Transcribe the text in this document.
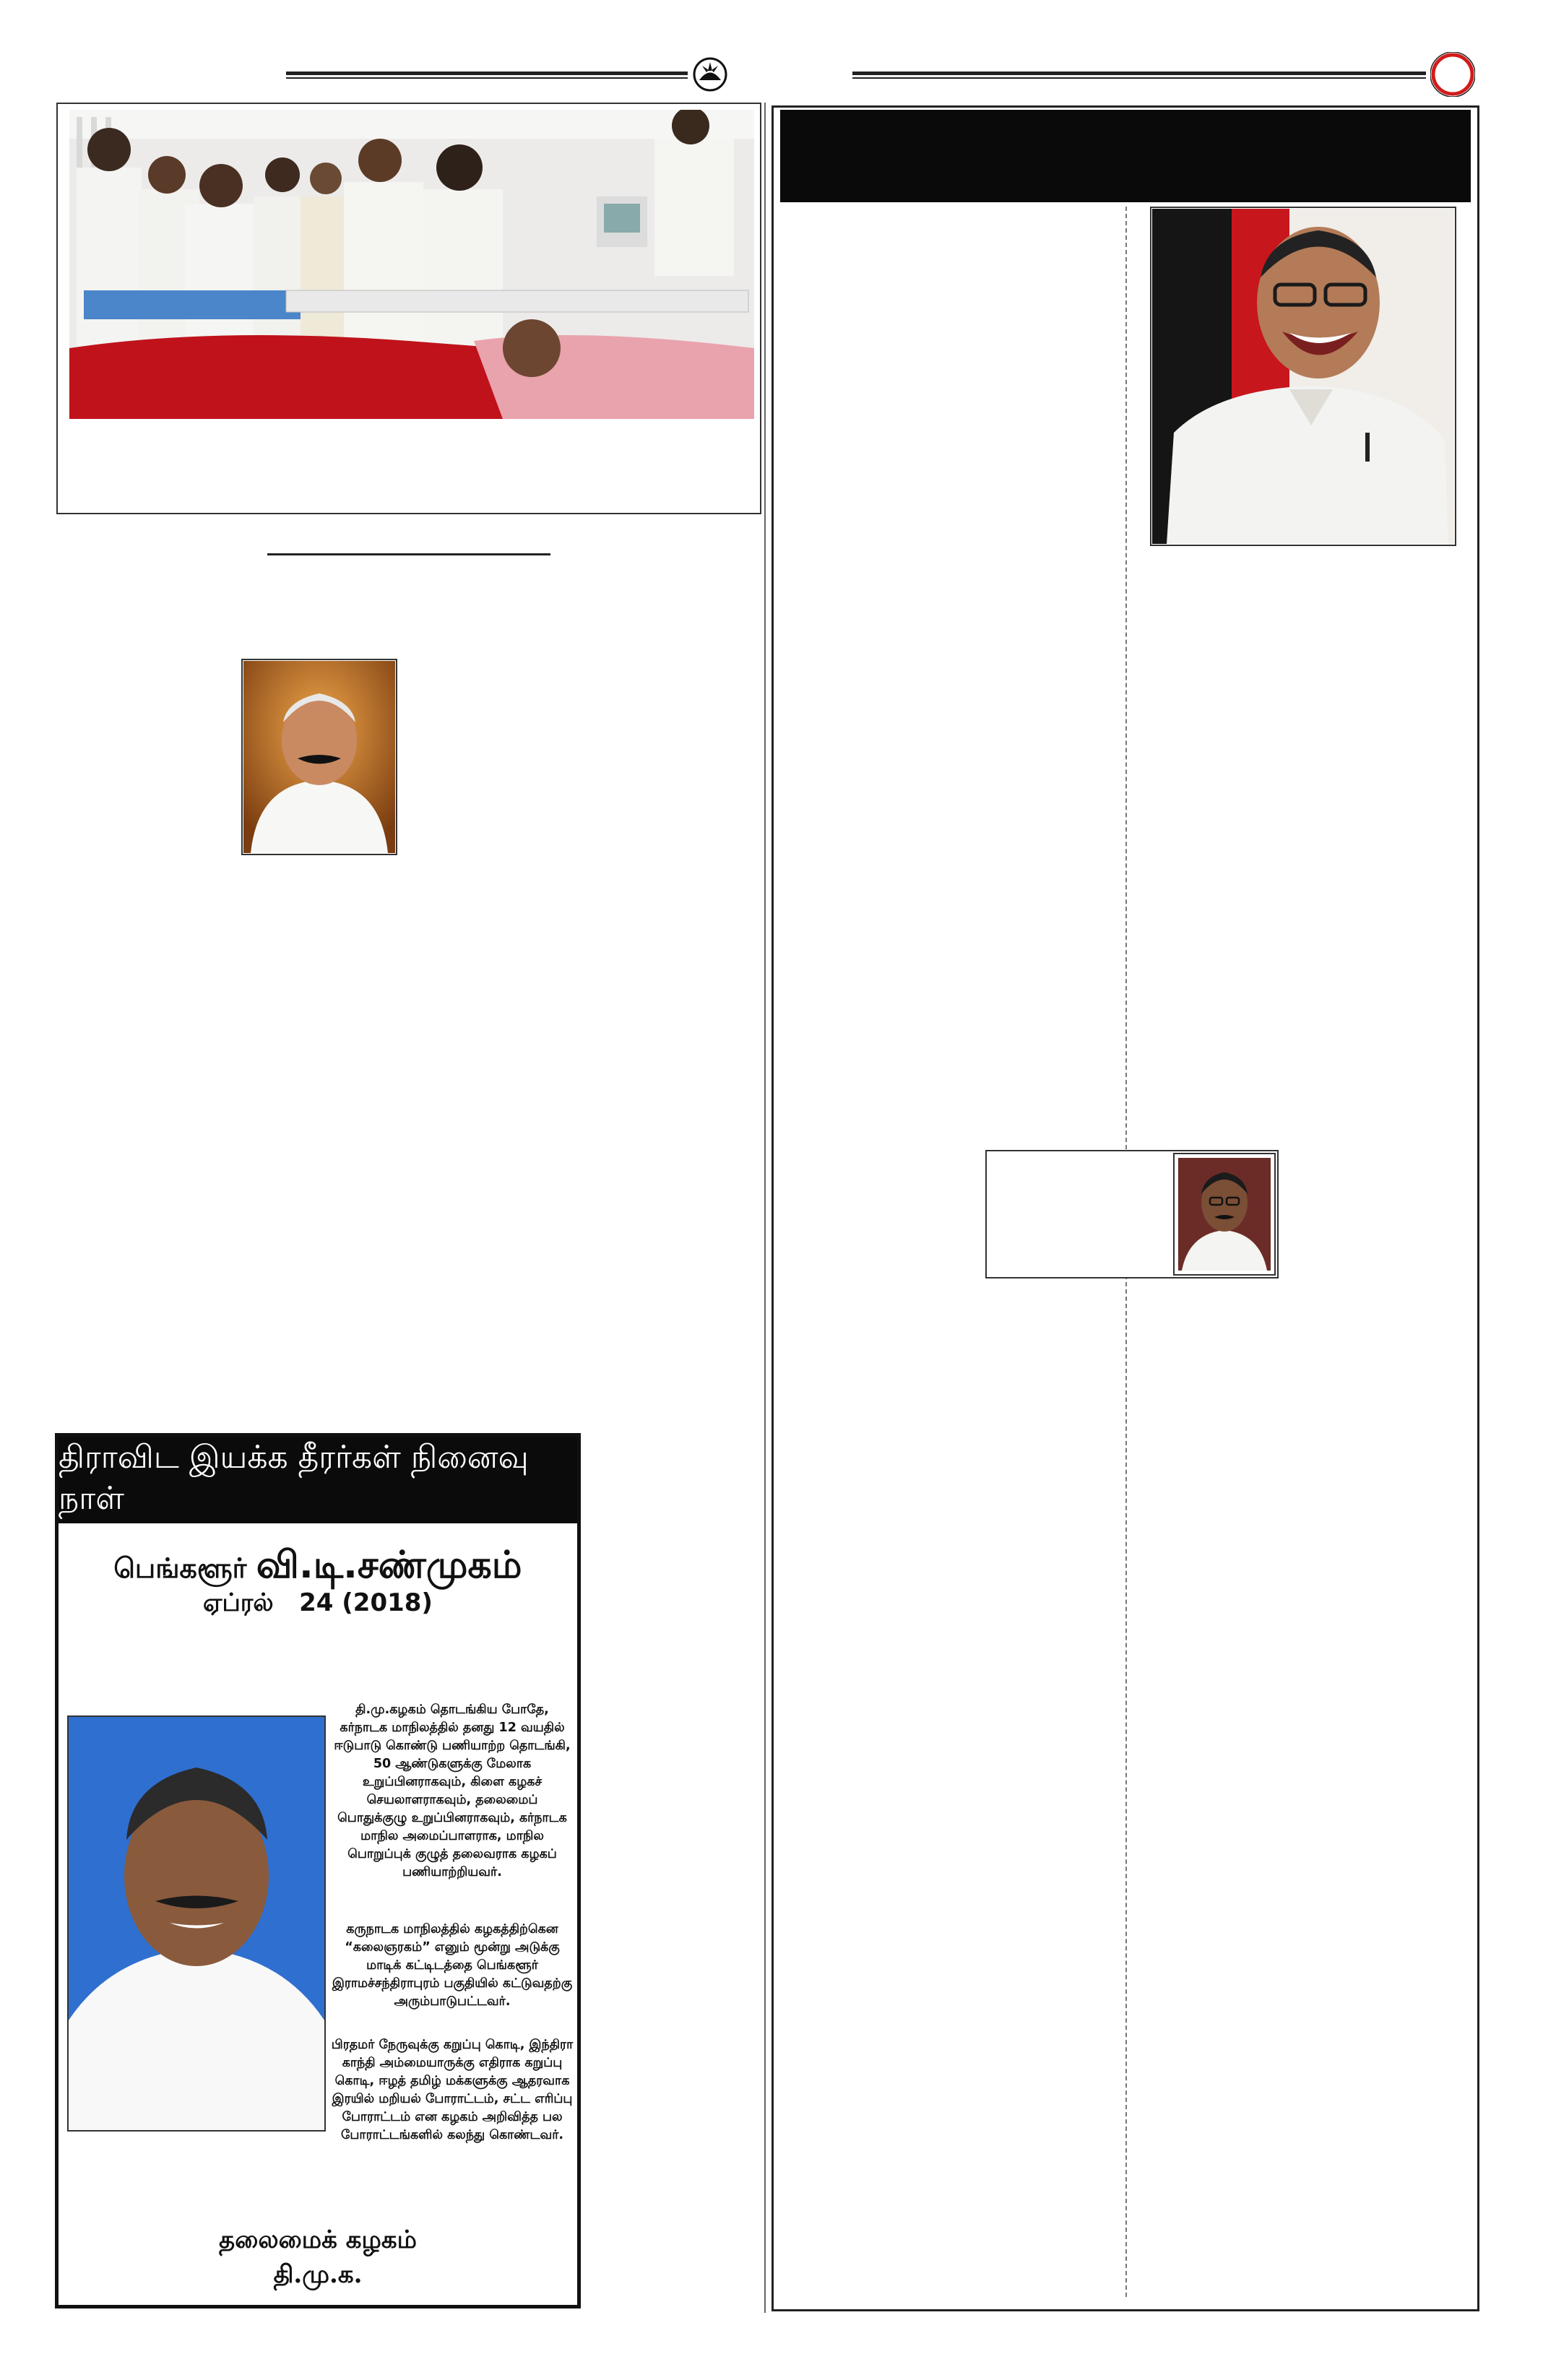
திராவிட இயக்க தீரர்கள் நினைவு நாள்
பெங்களூர் வி.டி.சண்முகம்
ஏப்ரல்   24 (2018)
தி.மு.கழகம் தொடங்கிய போதே, கர்நாடக மாநிலத்தில் தனது 12 வயதில் ஈடுபாடு கொண்டு பணியாற்ற தொடங்கி, 50 ஆண்டுகளுக்கு மேலாக உறுப்பினராகவும், கிளை கழகச் செயலாளராகவும், தலைமைப் பொதுக்குழு உறுப்பினராகவும், கர்நாடக மாநில அமைப்பாளராக, மாநில பொறுப்புக் குழுத் தலைவராக கழகப் பணியாற்றியவர்.
கருநாடக மாநிலத்தில் கழகத்திற்கென “கலைஞரகம்” எனும் மூன்று அடுக்கு மாடிக் கட்டிடத்தை பெங்களூர் இராமச்சந்திராபுரம் பகுதியில் கட்டுவதற்கு அரும்பாடுபட்டவர்.
பிரதமர் நேருவுக்கு கறுப்பு கொடி, இந்திரா காந்தி அம்மையாருக்கு எதிராக கறுப்பு கொடி, ஈழத் தமிழ் மக்களுக்கு ஆதரவாக இரயில் மறியல் போராட்டம், சட்ட எரிப்பு போராட்டம் என கழகம் அறிவித்த பல போராட்டங்களில் கலந்து கொண்டவர்.
தலைமைக் கழகம்
தி.மு.க.
